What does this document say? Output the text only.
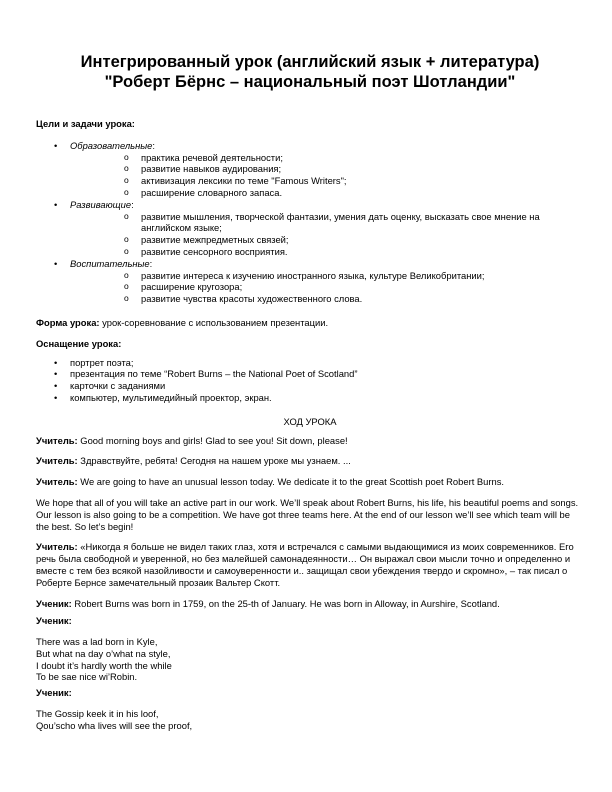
Интегрированный урок (английский язык + литература) "Роберт Бёрнс – национальный поэт Шотландии"

Цели и задачи урока:

• Образовательные:
o практика речевой деятельности;
o развитие навыков аудирования;
o активизация лексики по теме "Famous Writers";
o расширение словарного запаса.
• Развивающие:
o развитие мышления, творческой фантазии, умения дать оценку, высказать свое мнение на английском языке;
o развитие межпредметных связей;
o развитие сенсорного восприятия.
• Воспитательные:
o развитие интереса к изучению иностранного языка, культуре Великобритании;
o расширение кругозора;
o развитие чувства красоты художественного слова.

Форма урока: урок-соревнование с использованием презентации.

Оснащение урока:

• портрет поэта;
• презентация по теме “Robert Burns – the National Poet of Scotland”
• карточки с заданиями
• компьютер, мультимедийный проектор, экран.

ХОД УРОКА

Учитель: Good morning boys and girls! Glad to see you! Sit down, please!

Учитель: Здравствуйте, ребята! Сегодня на нашем уроке мы узнаем. ...

Учитель: We are going to have an unusual lesson today. We dedicate it to the great Scottish poet Robert Burns.

We hope that all of you will take an active part in our work. We’ll speak about Robert Burns, his life, his beautiful poems and songs. Our lesson is also going to be a competition. We have got three teams here. At the end of our lesson we’ll see which team will be the best. So let’s begin!

Учитель: «Никогда я больше не видел таких глаз, хотя и встречался с самыми выдающимися из моих современников. Его речь была свободной и уверенной, но без малейшей самонадеянности… Он выражал свои мысли точно и определенно и вместе с тем без всякой назойливости и самоуверенности и.. защищал свои убеждения твердо и скромно», – так писал о Роберте Бернсе замечательный прозаик Вальтер Скотт.

Ученик: Robert Burns was born in 1759, on the 25-th of January. He was born in Alloway, in Aurshire, Scotland.

Ученик:

There was a lad born in Kyle,

But what na day o’what na style,

I doubt it’s hardly worth the while

To be sae nice wi’Robin.

Ученик:

The Gossip keek it in his loof,

Qou’scho wha lives will see the proof,
